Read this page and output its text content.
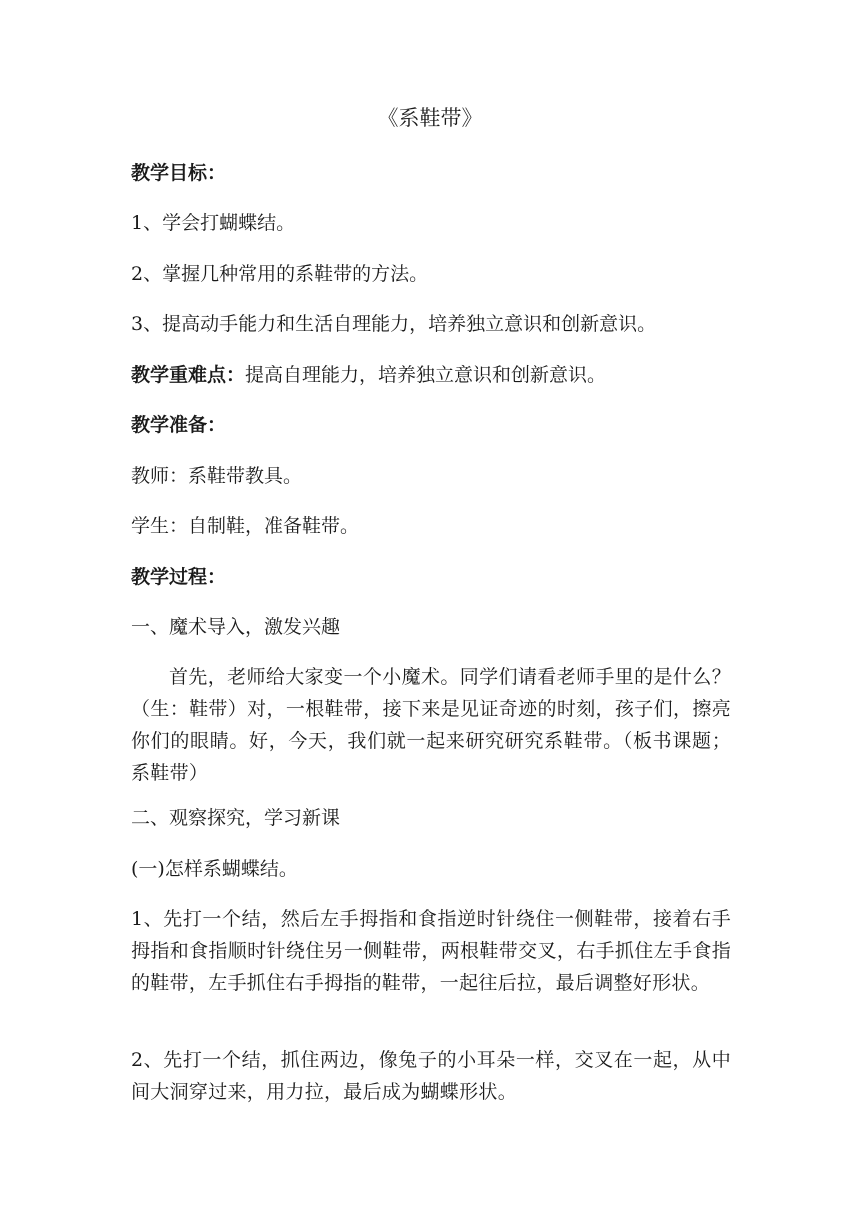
《系鞋带》
教学目标：
1、学会打蝴蝶结。
2、掌握几种常用的系鞋带的方法。
3、提高动手能力和生活自理能力，培养独立意识和创新意识。
教学重难点：提高自理能力，培养独立意识和创新意识。
教学准备：
教师：系鞋带教具。
学生：自制鞋，准备鞋带。
教学过程：
一、魔术导入，激发兴趣
首先，老师给大家变一个小魔术。同学们请看老师手里的是什么？（生：鞋带）对，一根鞋带，接下来是见证奇迹的时刻，孩子们，擦亮你们的眼睛。好，今天，我们就一起来研究研究系鞋带。（板书课题；系鞋带）
二、观察探究，学习新课
(一)怎样系蝴蝶结。
1、先打一个结，然后左手拇指和食指逆时针绕住一侧鞋带，接着右手拇指和食指顺时针绕住另一侧鞋带，两根鞋带交叉，右手抓住左手食指的鞋带，左手抓住右手拇指的鞋带，一起往后拉，最后调整好形状。
2、先打一个结，抓住两边，像兔子的小耳朵一样，交叉在一起，从中间大洞穿过来，用力拉，最后成为蝴蝶形状。
